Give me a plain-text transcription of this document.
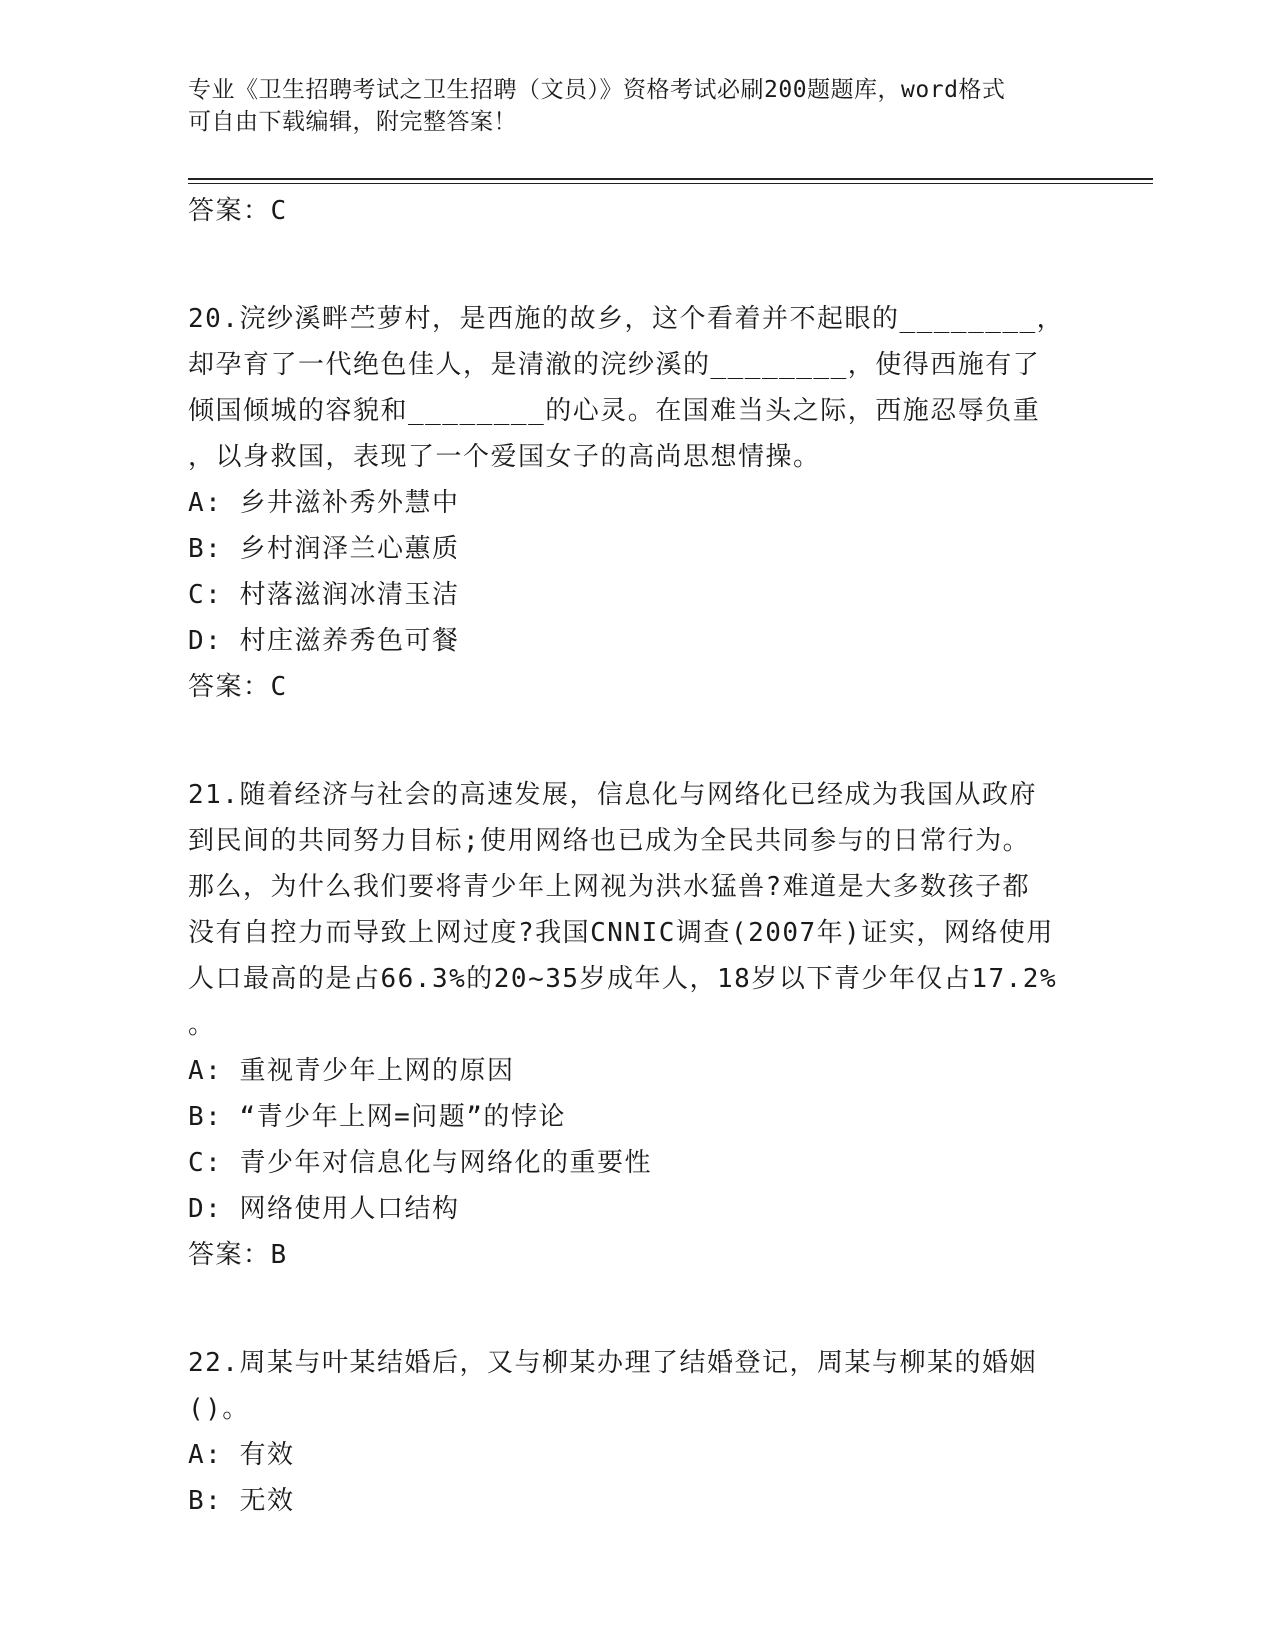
专业《卫生招聘考试之卫生招聘（文员）》资格考试必刷200题题库，word格式
可自由下载编辑，附完整答案！

答案：C

20.浣纱溪畔苎萝村，是西施的故乡，这个看着并不起眼的________，

却孕育了一代绝色佳人，是清澈的浣纱溪的________，使得西施有了

倾国倾城的容貌和________的心灵。在国难当头之际，西施忍辱负重

，以身救国，表现了一个爱国女子的高尚思想情操。

A: 乡井滋补秀外慧中

B: 乡村润泽兰心蕙质

C: 村落滋润冰清玉洁

D: 村庄滋养秀色可餐

答案：C

21.随着经济与社会的高速发展，信息化与网络化已经成为我国从政府

到民间的共同努力目标;使用网络也已成为全民共同参与的日常行为。

那么，为什么我们要将青少年上网视为洪水猛兽?难道是大多数孩子都

没有自控力而导致上网过度?我国CNNIC调查(2007年)证实，网络使用

人口最高的是占66.3%的20~35岁成年人，18岁以下青少年仅占17.2%

。

A: 重视青少年上网的原因

B: “青少年上网=问题”的悖论

C: 青少年对信息化与网络化的重要性

D: 网络使用人口结构

答案：B

22.周某与叶某结婚后，又与柳某办理了结婚登记，周某与柳某的婚姻

()。

A: 有效

B: 无效
